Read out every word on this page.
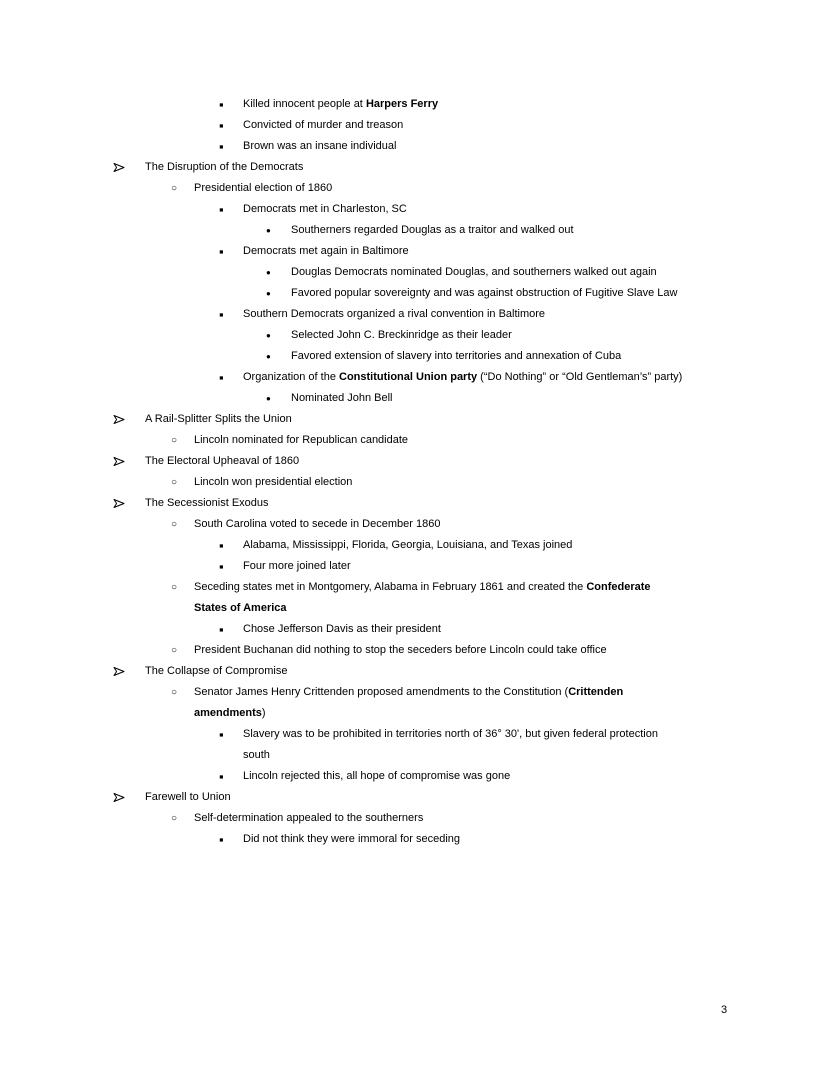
▪ Killed innocent people at Harpers Ferry
▪ Convicted of murder and treason
▪ Brown was an insane individual
The Disruption of the Democrats
○ Presidential election of 1860
▪ Democrats met in Charleston, SC
● Southerners regarded Douglas as a traitor and walked out
▪ Democrats met again in Baltimore
● Douglas Democrats nominated Douglas, and southerners walked out again
● Favored popular sovereignty and was against obstruction of Fugitive Slave Law
▪ Southern Democrats organized a rival convention in Baltimore
● Selected John C. Breckinridge as their leader
● Favored extension of slavery into territories and annexation of Cuba
▪ Organization of the Constitutional Union party (“Do Nothing” or “Old Gentleman’s” party)
● Nominated John Bell
A Rail-Splitter Splits the Union
○ Lincoln nominated for Republican candidate
The Electoral Upheaval of 1860
○ Lincoln won presidential election
The Secessionist Exodus
○ South Carolina voted to secede in December 1860
▪ Alabama, Mississippi, Florida, Georgia, Louisiana, and Texas joined
▪ Four more joined later
○ Seceding states met in Montgomery, Alabama in February 1861 and created the Confederate
States of America
▪ Chose Jefferson Davis as their president
○ President Buchanan did nothing to stop the seceders before Lincoln could take office
The Collapse of Compromise
○ Senator James Henry Crittenden proposed amendments to the Constitution (Crittenden
amendments)
▪ Slavery was to be prohibited in territories north of 36° 30', but given federal protection
south
▪ Lincoln rejected this, all hope of compromise was gone
Farewell to Union
○ Self-determination appealed to the southerners
▪ Did not think they were immoral for seceding
3
